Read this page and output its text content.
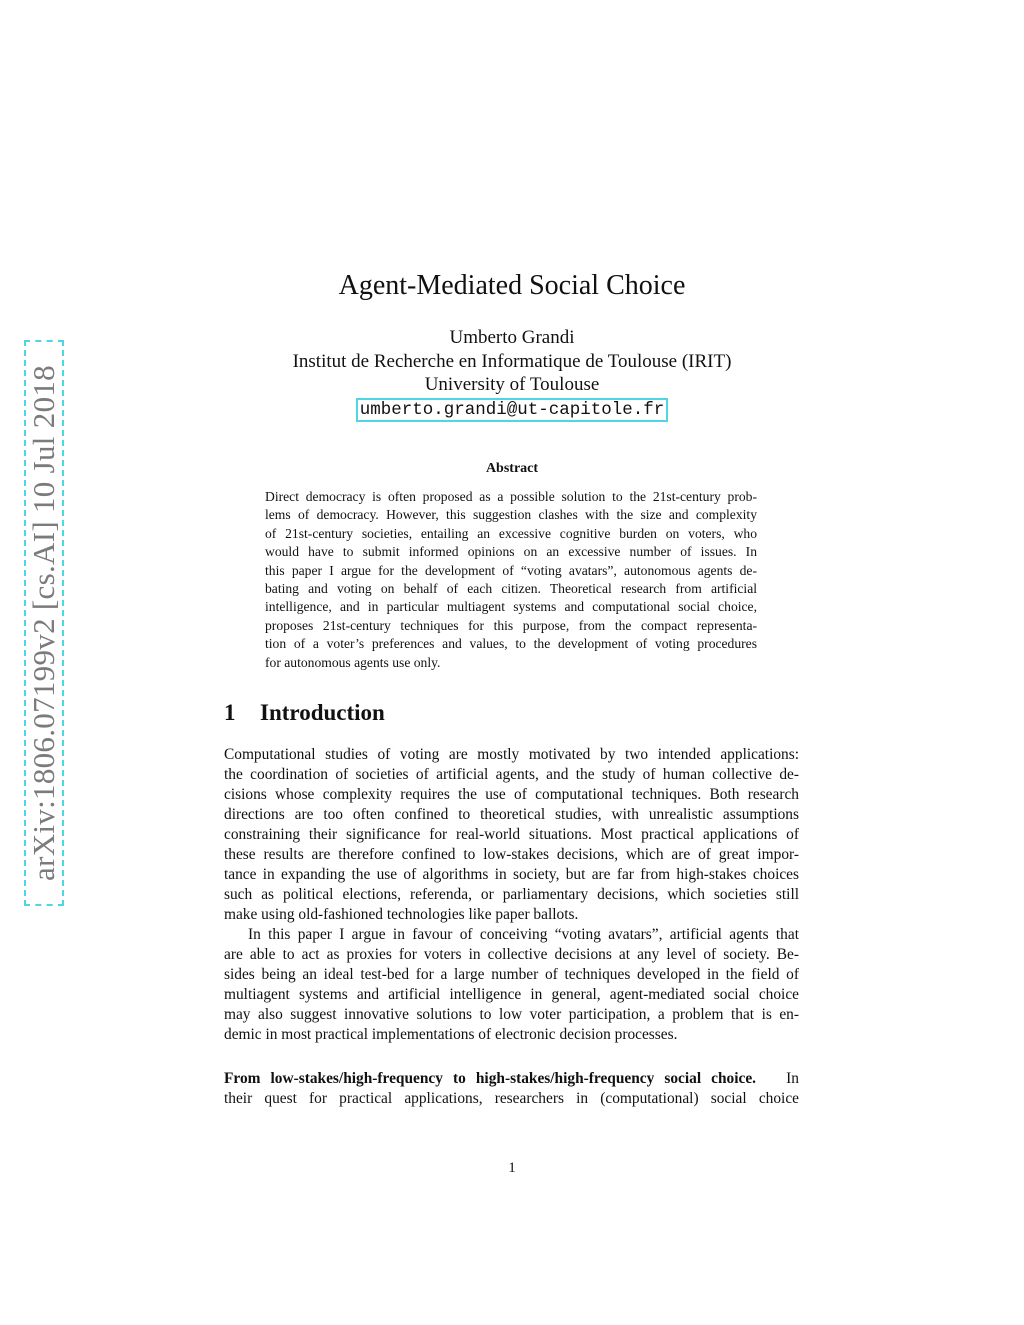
arXiv:1806.07199v2 [cs.AI] 10 Jul 2018
Agent-Mediated Social Choice
Umberto Grandi
Institut de Recherche en Informatique de Toulouse (IRIT)
University of Toulouse
umberto.grandi@ut-capitole.fr
Abstract
Direct democracy is often proposed as a possible solution to the 21st-century prob-
lems of democracy. However, this suggestion clashes with the size and complexity
of 21st-century societies, entailing an excessive cognitive burden on voters, who
would have to submit informed opinions on an excessive number of issues. In
this paper I argue for the development of “voting avatars”, autonomous agents de-
bating and voting on behalf of each citizen. Theoretical research from artificial
intelligence, and in particular multiagent systems and computational social choice,
proposes 21st-century techniques for this purpose, from the compact representa-
tion of a voter’s preferences and values, to the development of voting procedures
for autonomous agents use only.
1 Introduction
Computational studies of voting are mostly motivated by two intended applications:
the coordination of societies of artificial agents, and the study of human collective de-
cisions whose complexity requires the use of computational techniques. Both research
directions are too often confined to theoretical studies, with unrealistic assumptions
constraining their significance for real-world situations. Most practical applications of
these results are therefore confined to low-stakes decisions, which are of great impor-
tance in expanding the use of algorithms in society, but are far from high-stakes choices
such as political elections, referenda, or parliamentary decisions, which societies still
make using old-fashioned technologies like paper ballots.
In this paper I argue in favour of conceiving “voting avatars”, artificial agents that
are able to act as proxies for voters in collective decisions at any level of society. Be-
sides being an ideal test-bed for a large number of techniques developed in the field of
multiagent systems and artificial intelligence in general, agent-mediated social choice
may also suggest innovative solutions to low voter participation, a problem that is en-
demic in most practical implementations of electronic decision processes.
From low-stakes/high-frequency to high-stakes/high-frequency social choice. In
their quest for practical applications, researchers in (computational) social choice
1
